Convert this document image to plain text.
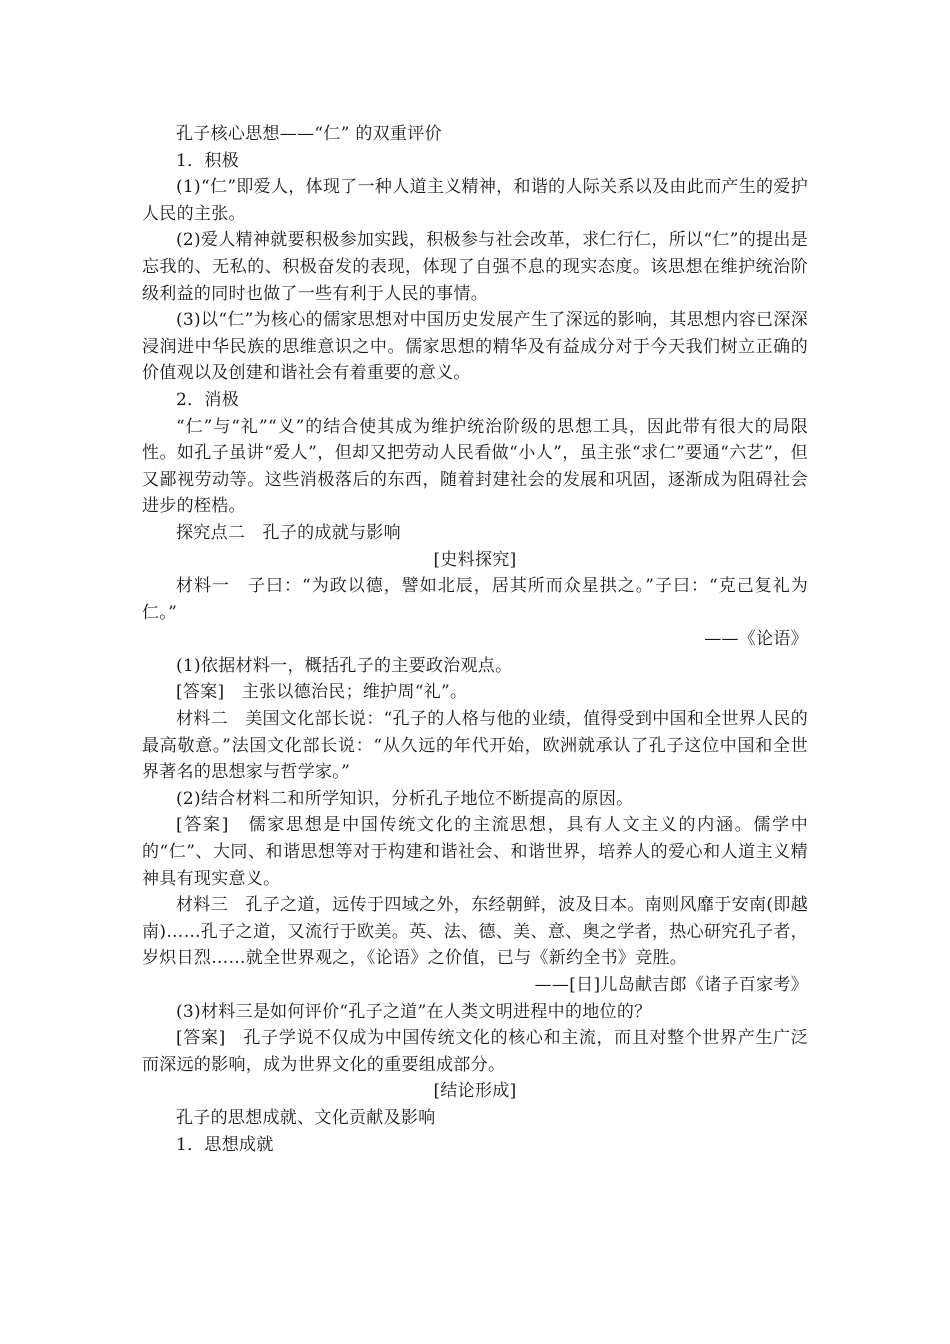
孔子核心思想——“仁” 的双重评价

1．积极

(1)“仁”即爱人，体现了一种人道主义精神，和谐的人际关系以及由此而产生的爱护人民的主张。

(2)爱人精神就要积极参加实践，积极参与社会改革，求仁行仁，所以“仁”的提出是忘我的、无私的、积极奋发的表现，体现了自强不息的现实态度。该思想在维护统治阶级利益的同时也做了一些有利于人民的事情。

(3)以“仁”为核心的儒家思想对中国历史发展产生了深远的影响，其思想内容已深深浸润进中华民族的思维意识之中。儒家思想的精华及有益成分对于今天我们树立正确的价值观以及创建和谐社会有着重要的意义。

2．消极

“仁”与“礼”“义”的结合使其成为维护统治阶级的思想工具，因此带有很大的局限性。如孔子虽讲“爱人”，但却又把劳动人民看做“小人”，虽主张“求仁”要通“六艺”，但又鄙视劳动等。这些消极落后的东西，随着封建社会的发展和巩固，逐渐成为阻碍社会进步的桎梏。

探究点二　孔子的成就与影响

[史料探究]

材料一　子曰：“为政以德，譬如北辰，居其所而众星拱之。”子曰：“克己复礼为仁。”

——《论语》

(1)依据材料一，概括孔子的主要政治观点。

[答案]　主张以德治民；维护周“礼”。

材料二　美国文化部长说：“孔子的人格与他的业绩，值得受到中国和全世界人民的最高敬意。”法国文化部长说：“从久远的年代开始，欧洲就承认了孔子这位中国和全世界著名的思想家与哲学家。”

(2)结合材料二和所学知识，分析孔子地位不断提高的原因。

[答案]　儒家思想是中国传统文化的主流思想，具有人文主义的内涵。儒学中的“仁”、大同、和谐思想等对于构建和谐社会、和谐世界，培养人的爱心和人道主义精神具有现实意义。

材料三　孔子之道，远传于四域之外，东经朝鲜，波及日本。南则风靡于安南(即越南)……孔子之道，又流行于欧美。英、法、德、美、意、奥之学者，热心研究孔子者，岁炽日烈……就全世界观之，《论语》之价值，已与《新约全书》竞胜。

——[日]儿岛献吉郎《诸子百家考》

(3)材料三是如何评价“孔子之道”在人类文明进程中的地位的？

[答案]　孔子学说不仅成为中国传统文化的核心和主流，而且对整个世界产生广泛而深远的影响，成为世界文化的重要组成部分。

[结论形成]

孔子的思想成就、文化贡献及影响

1．思想成就
